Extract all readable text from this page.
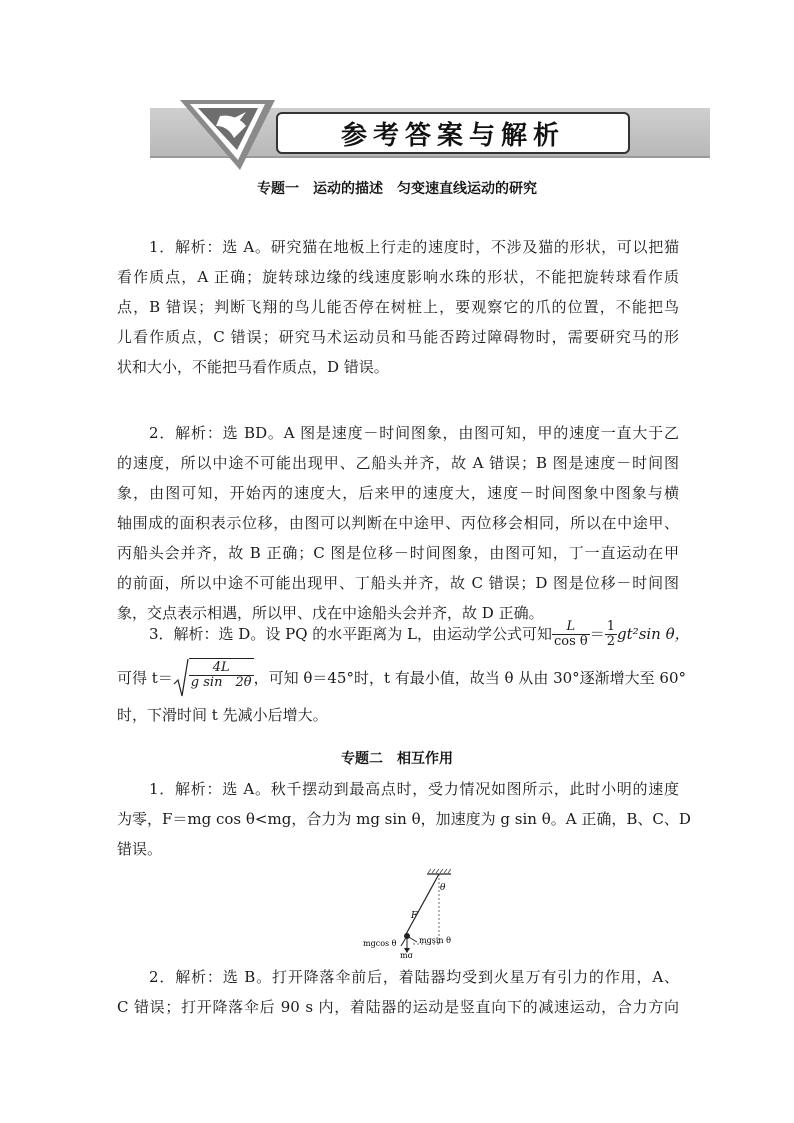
参考答案与解析
专题一　运动的描述　匀变速直线运动的研究
1．解析：选 A。研究猫在地板上行走的速度时，不涉及猫的形状，可以把猫
看作质点，A 正确；旋转球边缘的线速度影响水珠的形状，不能把旋转球看作质
点，B 错误；判断飞翔的鸟儿能否停在树桩上，要观察它的爪的位置，不能把鸟
儿看作质点，C 错误；研究马术运动员和马能否跨过障碍物时，需要研究马的形
状和大小，不能把马看作质点，D 错误。
2．解析：选 BD。A 图是速度－时间图象，由图可知，甲的速度一直大于乙
的速度，所以中途不可能出现甲、乙船头并齐，故 A 错误；B 图是速度－时间图
象，由图可知，开始丙的速度大，后来甲的速度大，速度－时间图象中图象与横
轴围成的面积表示位移，由图可以判断在中途甲、丙位移会相同，所以在中途甲、
丙船头会并齐，故 B 正确；C 图是位移－时间图象，由图可知，丁一直运动在甲
的前面，所以中途不可能出现甲、丁船头并齐，故 C 错误；D 图是位移－时间图
象，交点表示相遇，所以甲、戊在中途船头会并齐，故 D 正确。
3．解析：选 D。设 PQ 的水平距离为 L，由运动学公式可知 $\frac{L}{\text{cos θ}} = \frac{1}{2} gt^2\sin$ θ，
可得 $t= \frac{4L}{\text{g sin　2θ}}$ ，可知 θ＝45°时，t 有最小值，故当 θ 从由 30°逐渐增大至 60°
时，下滑时间 t 先减小后增大。
专题二　相互作用
1．解析：选 A。秋千摆动到最高点时，受力情况如图所示，此时小明的速度
为零，F＝mg cos θ<mg，合力为 mg sin θ，加速度为 g sin θ。A 正确，B、C、D
错误。
θ
F
mgsin θ
mgcos θ
mg
2．解析：选 B。打开降落伞前后，着陆器均受到火星万有引力的作用，A、
C 错误；打开降落伞后 90 s 内，着陆器的运动是竖直向下的减速运动，合力方向
